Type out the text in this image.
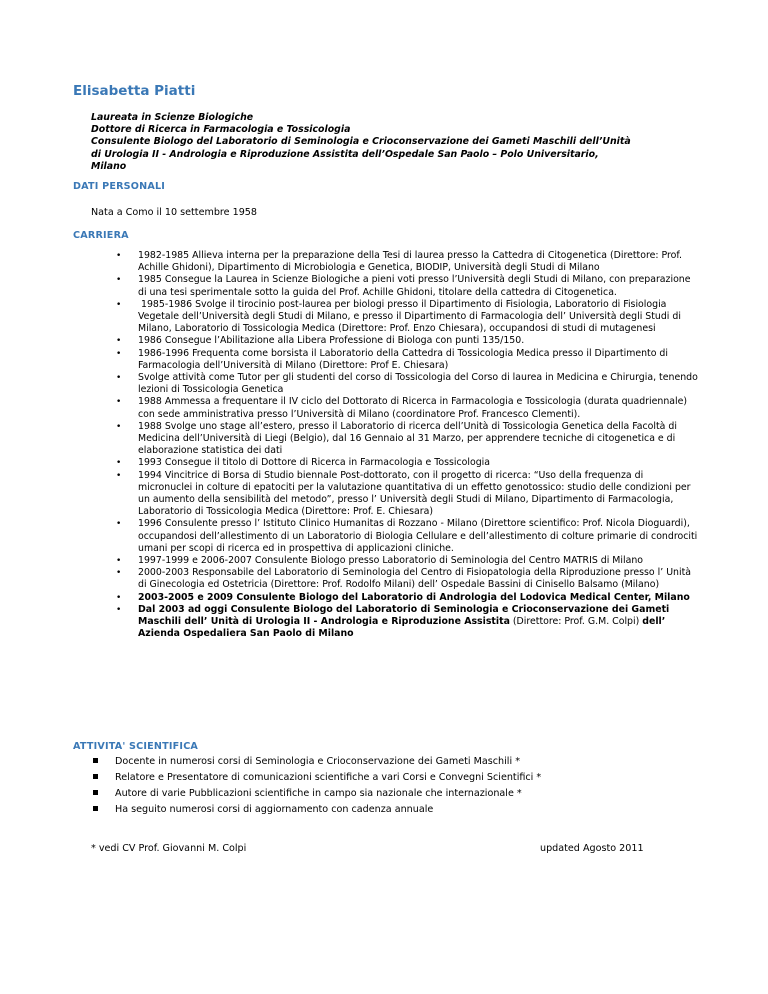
Elisabetta Piatti
Laureata in Scienze Biologiche
Dottore di Ricerca in Farmacologia e Tossicologia
Consulente Biologo del Laboratorio di Seminologia e Crioconservazione dei Gameti Maschili dell’Unità
di Urologia II - Andrologia e Riproduzione Assistita dell’Ospedale San Paolo – Polo Universitario,
Milano
DATI PERSONALI
Nata a Como il 10 settembre 1958
CARRIERA
• 1982-1985 Allieva interna per la preparazione della Tesi di laurea presso la Cattedra di Citogenetica (Direttore: Prof. Achille Ghidoni), Dipartimento di Microbiologia e Genetica, BIODIP, Università degli Studi di Milano
• 1985 Consegue la Laurea in Scienze Biologiche a pieni voti presso l’Università degli Studi di Milano, con preparazione di una tesi sperimentale sotto la guida del Prof. Achille Ghidoni, titolare della cattedra di Citogenetica.
• 1985-1986 Svolge il tirocinio post-laurea per biologi presso il Dipartimento di Fisiologia, Laboratorio di Fisiologia Vegetale dell’Università degli Studi di Milano, e presso il Dipartimento di Farmacologia dell’ Università degli Studi di Milano, Laboratorio di Tossicologia Medica (Direttore: Prof. Enzo Chiesara), occupandosi di studi di mutagenesi
• 1986 Consegue l’Abilitazione alla Libera Professione di Biologa con punti 135/150.
• 1986-1996 Frequenta come borsista il Laboratorio della Cattedra di Tossicologia Medica presso il Dipartimento di Farmacologia dell’Università di Milano (Direttore: Prof E. Chiesara)
• Svolge attività come Tutor per gli studenti del corso di Tossicologia del Corso di laurea in Medicina e Chirurgia, tenendo lezioni di Tossicologia Genetica
• 1988 Ammessa a frequentare il IV ciclo del Dottorato di Ricerca in Farmacologia e Tossicologia (durata quadriennale) con sede amministrativa presso l’Università di Milano (coordinatore Prof. Francesco Clementi).
• 1988 Svolge uno stage all’estero, presso il Laboratorio di ricerca dell’Unità di Tossicologia Genetica della Facoltà di Medicina dell’Università di Liegi (Belgio), dal 16 Gennaio al 31 Marzo, per apprendere tecniche di citogenetica e di elaborazione statistica dei dati
• 1993 Consegue il titolo di Dottore di Ricerca in Farmacologia e Tossicologia
• 1994 Vincitrice di Borsa di Studio biennale Post-dottorato, con il progetto di ricerca: “Uso della frequenza di micronuclei in colture di epatociti per la valutazione quantitativa di un effetto genotossico: studio delle condizioni per un aumento della sensibilità del metodo”, presso l’ Università degli Studi di Milano, Dipartimento di Farmacologia, Laboratorio di Tossicologia Medica (Direttore: Prof. E. Chiesara)
• 1996 Consulente presso l’ Istituto Clinico Humanitas di Rozzano - Milano (Direttore scientifico: Prof. Nicola Dioguardi), occupandosi dell’allestimento di un Laboratorio di Biologia Cellulare e dell’allestimento di colture primarie di condrociti umani per scopi di ricerca ed in prospettiva di applicazioni cliniche.
• 1997-1999 e 2006-2007 Consulente Biologo presso Laboratorio di Seminologia del Centro MATRIS di Milano
• 2000-2003 Responsabile del Laboratorio di Seminologia del Centro di Fisiopatologia della Riproduzione presso l’ Unità di Ginecologia ed Ostetricia (Direttore: Prof. Rodolfo Milani) dell’ Ospedale Bassini di Cinisello Balsamo (Milano)
• 2003-2005 e 2009 Consulente Biologo del Laboratorio di Andrologia del Lodovica Medical Center, Milano
• Dal 2003 ad oggi Consulente Biologo del Laboratorio di Seminologia e Crioconservazione dei Gameti Maschili dell’ Unità di Urologia II - Andrologia e Riproduzione Assistita (Direttore: Prof. G.M. Colpi) dell’ Azienda Ospedaliera San Paolo di Milano
ATTIVITA' SCIENTIFICA
Docente in numerosi corsi di Seminologia e Crioconservazione dei Gameti Maschili *
Relatore e Presentatore di comunicazioni scientifiche a vari Corsi e Convegni Scientifici *
Autore di varie Pubblicazioni scientifiche in campo sia nazionale che internazionale *
Ha seguito numerosi corsi di aggiornamento con cadenza annuale
* vedi CV Prof. Giovanni M. Colpi	updated Agosto 2011
